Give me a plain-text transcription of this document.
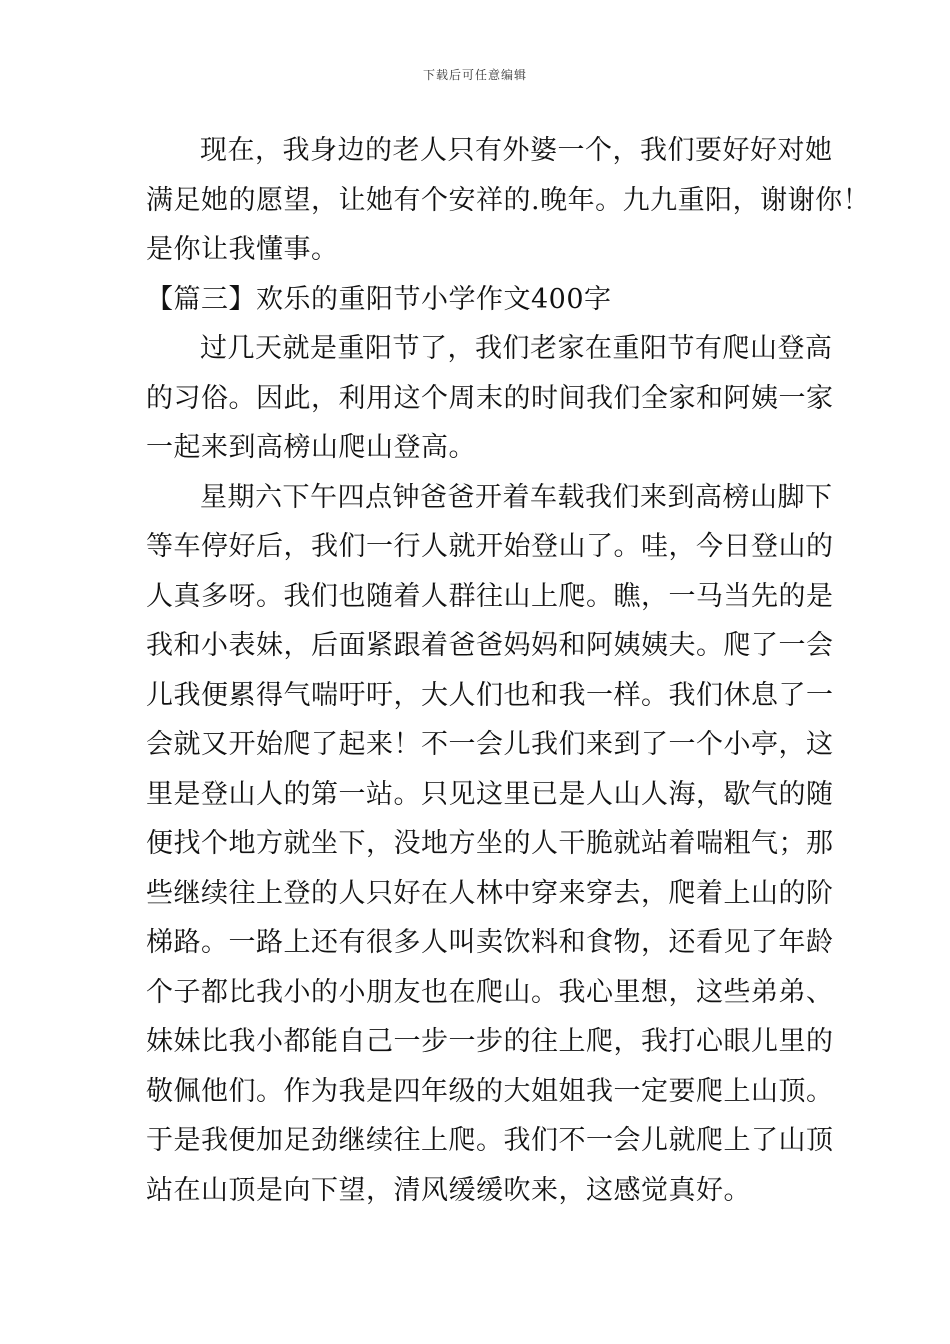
下载后可任意编辑
现在，我身边的老人只有外婆一个，我们要好好对她
满足她的愿望，让她有个安祥的.晚年。九九重阳，谢谢你！
是你让我懂事。
【篇三】欢乐的重阳节小学作文400字
过几天就是重阳节了，我们老家在重阳节有爬山登高
的习俗。因此，利用这个周末的时间我们全家和阿姨一家
一起来到高榜山爬山登高。
星期六下午四点钟爸爸开着车载我们来到高榜山脚下
等车停好后，我们一行人就开始登山了。哇，今日登山的
人真多呀。我们也随着人群往山上爬。瞧，一马当先的是
我和小表妹，后面紧跟着爸爸妈妈和阿姨姨夫。爬了一会
儿我便累得气喘吁吁，大人们也和我一样。我们休息了一
会就又开始爬了起来！不一会儿我们来到了一个小亭，这
里是登山人的第一站。只见这里已是人山人海，歇气的随
便找个地方就坐下，没地方坐的人干脆就站着喘粗气；那
些继续往上登的人只好在人林中穿来穿去，爬着上山的阶
梯路。一路上还有很多人叫卖饮料和食物，还看见了年龄
个子都比我小的小朋友也在爬山。我心里想，这些弟弟、
妹妹比我小都能自己一步一步的往上爬，我打心眼儿里的
敬佩他们。作为我是四年级的大姐姐我一定要爬上山顶。
于是我便加足劲继续往上爬。我们不一会儿就爬上了山顶
站在山顶是向下望，清风缓缓吹来，这感觉真好。
